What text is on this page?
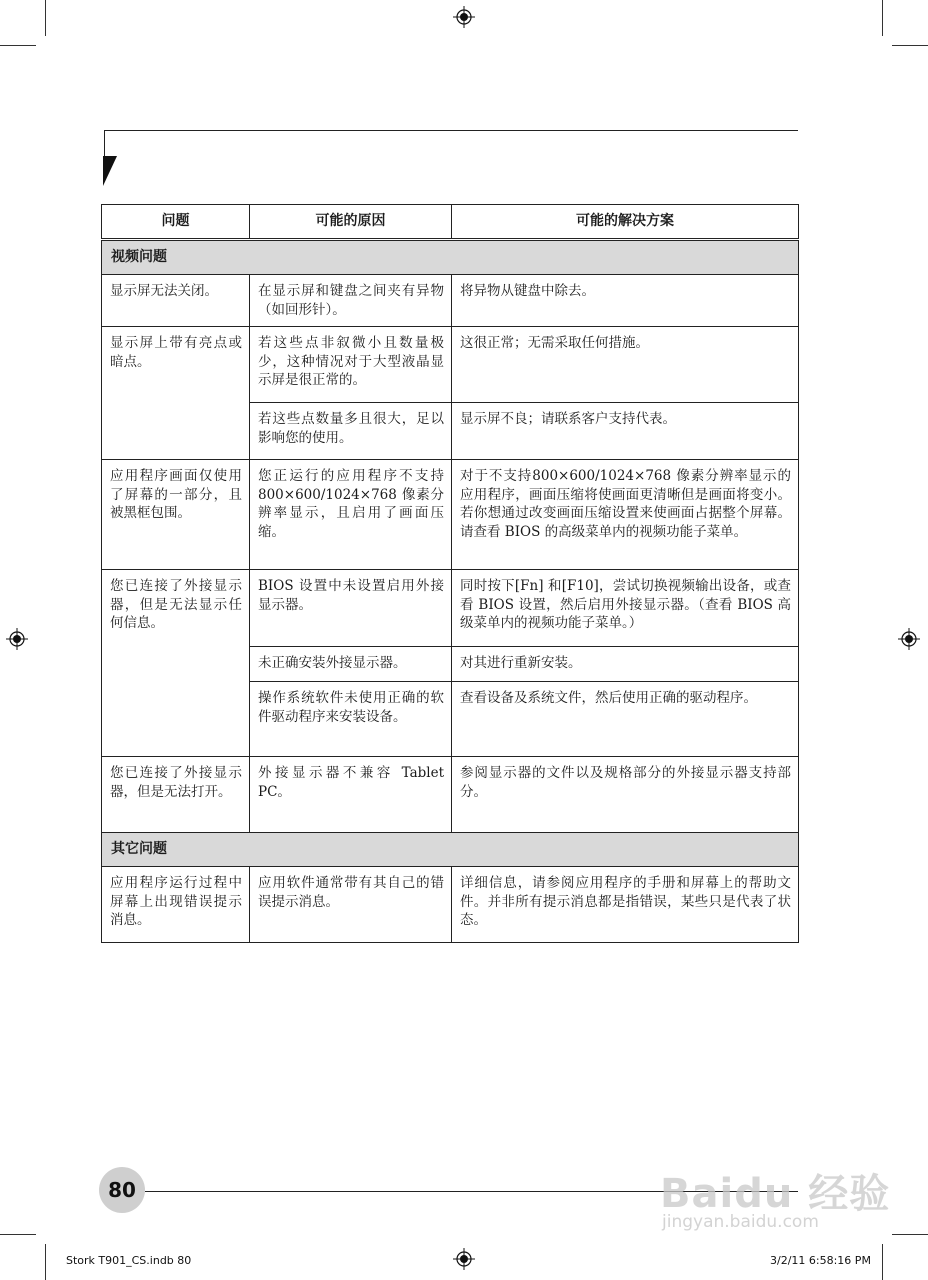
问题	可能的原因	可能的解决方案
视频问题		

显示屏无法关闭。	在显示屏和键盘之间夹有异物（如回形针）。	将异物从键盘中除去。

显示屏上带有亮点或暗点。	若这些点非叙微小且数量极少，这种情况对于大型液晶显示屏是很正常的。	这很正常；无需采取任何措施。

	若这些点数量多且很大，足以影响您的使用。	显示屏不良；请联系客户支持代表。

应用程序画面仅使用了屏幕的一部分，且被黑框包围。	您正运行的应用程序不支持 800×600/1024×768 像素分辨率显示，且启用了画面压缩。	对于不支持800×600/1024×768 像素分辨率显示的应用程序，画面压缩将使画面更清晰但是画面将变小。若你想通过改变画面压缩设置来使画面占据整个屏幕。请查看 BIOS 的高级菜单内的视频功能子菜单。

您已连接了外接显示器，但是无法显示任何信息。	BIOS 设置中未设置启用外接显示器。	同时按下[Fn] 和[F10]，尝试切换视频输出设备，或查看 BIOS 设置，然后启用外接显示器。（查看 BIOS 高级菜单内的视频功能子菜单。）

	未正确安装外接显示器。	对其进行重新安装。

	操作系统软件未使用正确的软件驱动程序来安装设备。	查看设备及系统文件，然后使用正确的驱动程序。

您已连接了外接显示器，但是无法打开。	外接显示器不兼容 Tablet PC。	参阅显示器的文件以及规格部分的外接显示器支持部分。

其它问题		

应用程序运行过程中屏幕上出现错误提示消息。	应用软件通常带有其自己的错误提示消息。	详细信息，请参阅应用程序的手册和屏幕上的帮助文件。并非所有提示消息都是指错误，某些只是代表了状态。
80	Baidu 经验
jingyan.baidu.com
Stork T901_CS.indb 80	3/2/11 6:58:16 PM
